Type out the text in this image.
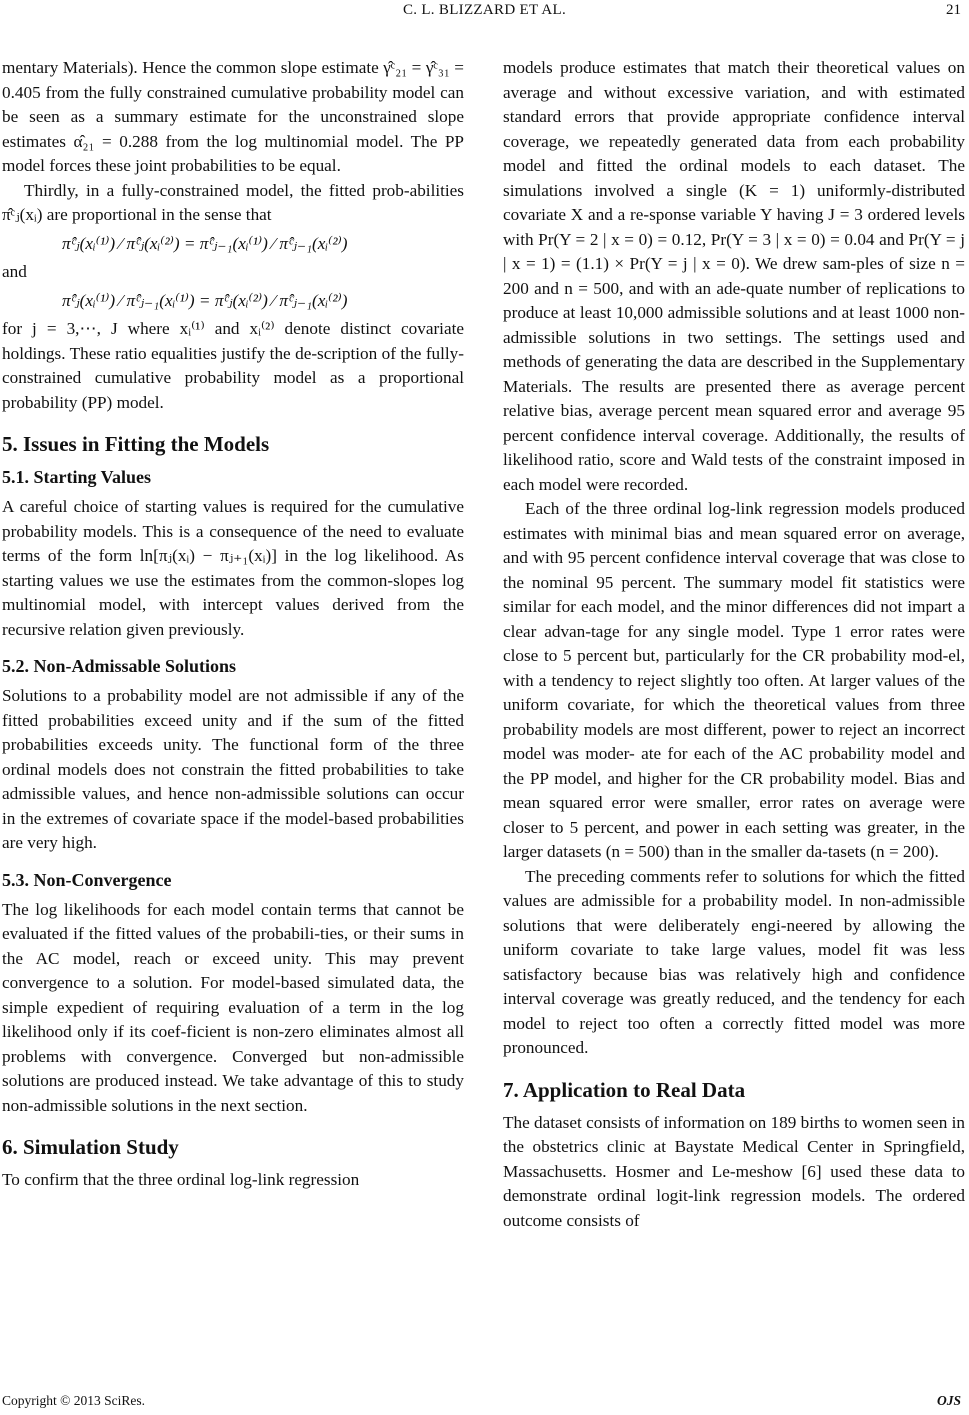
C. L. BLIZZARD ET AL.	21

mentary Materials). Hence the common slope estimate γ̂ᶜ₂₁ = γ̂ᶜ₃₁ = 0.405 from the fully constrained cumulative probability model can be seen as a summary estimate for the unconstrained slope estimates α̂₂₁ = 0.288 from the log multinomial model. The PP model forces these joint probabilities to be equal.

Thirdly, in a fully-constrained model, the fitted prob-abilities π̂ᶜⱼ(xᵢ) are proportional in the sense that

π̂ᶜⱼ(xᵢ⁽¹⁾) ⁄ π̂ᶜⱼ(xᵢ⁽²⁾) = π̂ᶜⱼ₋₁(xᵢ⁽¹⁾) ⁄ π̂ᶜⱼ₋₁(xᵢ⁽²⁾)

and

π̂ᶜⱼ(xᵢ⁽¹⁾) ⁄ π̂ᶜⱼ₋₁(xᵢ⁽¹⁾) = π̂ᶜⱼ(xᵢ⁽²⁾) ⁄ π̂ᶜⱼ₋₁(xᵢ⁽²⁾)

for j = 3,⋯, J where xᵢ⁽¹⁾ and xᵢ⁽²⁾ denote distinct covariate holdings. These ratio equalities justify the de-scription of the fully-constrained cumulative probability model as a proportional probability (PP) model.

5. Issues in Fitting the Models
5.1. Starting Values

A careful choice of starting values is required for the cumulative probability models. This is a consequence of the need to evaluate terms of the form ln[πⱼ(xᵢ) − πⱼ₊₁(xᵢ)] in the log likelihood. As starting values we use the estimates from the common-slopes log multinomial model, with intercept values derived from the recursive relation given previously.

5.2. Non-Admissable Solutions

Solutions to a probability model are not admissible if any of the fitted probabilities exceed unity and if the sum of the fitted probabilities exceeds unity. The functional form of the three ordinal models does not constrain the fitted probabilities to take admissible values, and hence non-admissible solutions can occur in the extremes of covariate space if the model-based probabilities are very high.

5.3. Non-Convergence

The log likelihoods for each model contain terms that cannot be evaluated if the fitted values of the probabili-ties, or their sums in the AC model, reach or exceed unity. This may prevent convergence to a solution. For model-based simulated data, the simple expedient of requiring evaluation of a term in the log likelihood only if its coef-ficient is non-zero eliminates almost all problems with convergence. Converged but non-admissible solutions are produced instead. We take advantage of this to study non-admissible solutions in the next section.

6. Simulation Study

To confirm that the three ordinal log-link regression

models produce estimates that match their theoretical values on average and without excessive variation, and with estimated standard errors that provide appropriate confidence interval coverage, we repeatedly generated data from each probability model and fitted the ordinal models to each dataset. The simulations involved a single (K = 1) uniformly-distributed covariate X and a re-sponse variable Y having J = 3 ordered levels with Pr(Y = 2 | x = 0) = 0.12, Pr(Y = 3 | x = 0) = 0.04 and Pr(Y = j | x = 1) = (1.1) × Pr(Y = j | x = 0). We drew sam-ples of size n = 200 and n = 500, and with an ade-quate number of replications to produce at least 10,000 admissible solutions and at least 1000 non-admissible solutions in two settings. The settings used and methods of generating the data are described in the Supplementary Materials. The results are presented there as average percent relative bias, average percent mean squared error and average 95 percent confidence interval coverage. Additionally, the results of likelihood ratio, score and Wald tests of the constraint imposed in each model were recorded.

Each of the three ordinal log-link regression models produced estimates with minimal bias and mean squared error on average, and with 95 percent confidence interval coverage that was close to the nominal 95 percent. The summary model fit statistics were similar for each model, and the minor differences did not impart a clear advan-tage for any single model. Type 1 error rates were close to 5 percent but, particularly for the CR probability mod-el, with a tendency to reject slightly too often. At larger values of the uniform covariate, for which the theoretical values from three probability models are most different, power to reject an incorrect model was moder- ate for each of the AC probability model and the PP model, and higher for the CR probability model. Bias and mean squared error were smaller, error rates on average were closer to 5 percent, and power in each setting was greater, in the larger datasets (n = 500) than in the smaller da-tasets (n = 200).

The preceding comments refer to solutions for which the fitted values are admissible for a probability model. In non-admissible solutions that were deliberately engi-neered by allowing the uniform covariate to take large values, model fit was less satisfactory because bias was relatively high and confidence interval coverage was greatly reduced, and the tendency for each model to reject too often a correctly fitted model was more pronounced.

7. Application to Real Data

The dataset consists of information on 189 births to women seen in the obstetrics clinic at Baystate Medical Center in Springfield, Massachusetts. Hosmer and Le-meshow [6] used these data to demonstrate ordinal logit-link regression models. The ordered outcome consists of

Copyright © 2013 SciRes.	OJS
